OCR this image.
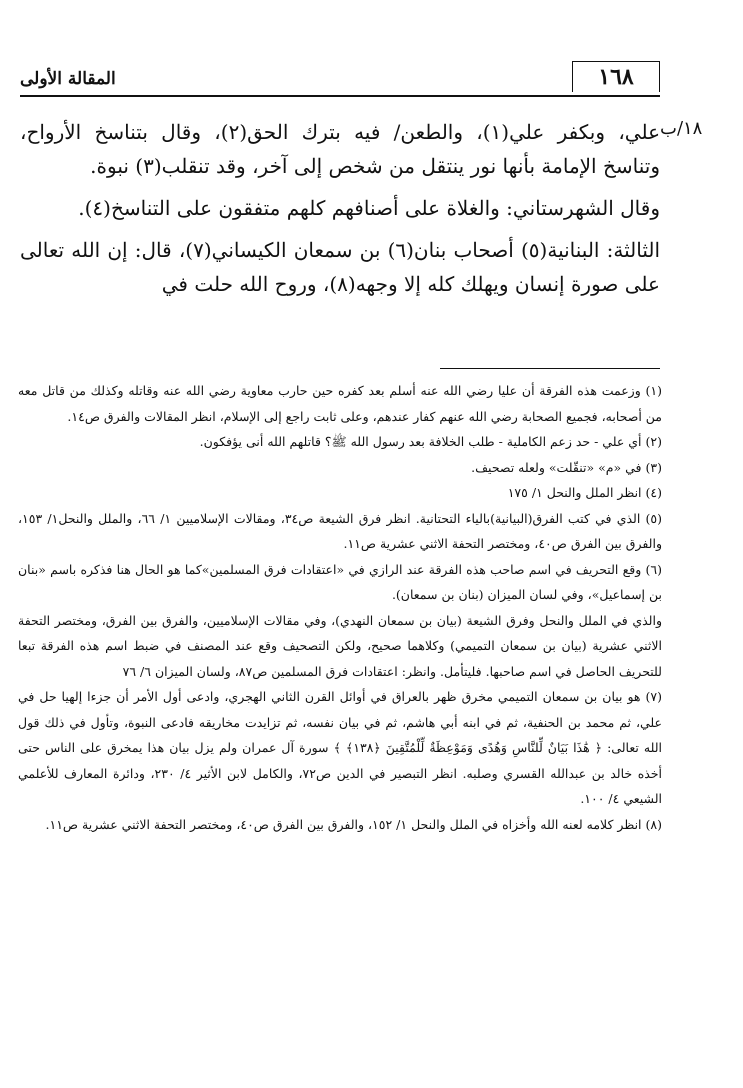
١٦٨
المقالة الأولى
١٨/ب

علي، وبكفر علي(١)، والطعن/ فيه بترك الحق(٢)، وقال بتناسخ الأرواح، وتناسخ الإمامة بأنها نور ينتقل من شخص إلى آخر، وقد تنقلب(٣) نبوة.

وقال الشهرستاني: والغلاة على أصنافهم كلهم متفقون على التناسخ(٤).

الثالثة: البنانية(٥) أصحاب بنان(٦) بن سمعان الكيساني(٧)، قال: إن الله تعالى على صورة إنسان ويهلك كله إلا وجهه(٨)، وروح الله حلت في

(١) وزعمت هذه الفرقة أن عليا رضي الله عنه أسلم بعد كفره حين حارب معاوية رضي الله عنه وقاتله وكذلك من قاتل معه من أصحابه، فجميع الصحابة رضي الله عنهم كفار عندهم، وعلى ثابت راجع إلى الإسلام، انظر المقالات والفرق ص١٤.

(٢) أي علي - حد زعم الكاملية - طلب الخلافة بعد رسول الله ﷺ؟ قاتلهم الله أنى يؤفكون.

(٣) في «م» «تنقّلت» ولعله تصحيف.

(٤) انظر الملل والنحل ١/ ١٧٥

(٥) الذي في كتب الفرق(البيانية)بالياء التحتانية. انظر فرق الشيعة ص٣٤، ومقالات الإسلاميين ١/ ٦٦، والملل والنحل١/ ١٥٣، والفرق بين الفرق ص٤٠، ومختصر التحفة الاثني عشرية ص١١.

(٦) وقع التحريف في اسم صاحب هذه الفرقة عند الرازي في «اعتقادات فرق المسلمين»كما هو الحال هنا فذكره باسم «بنان بن إسماعيل»، وفي لسان الميزان (بنان بن سمعان).

والذي في الملل والنحل وفرق الشيعة (بيان بن سمعان النهدي)، وفي مقالات الإسلاميين، والفرق بين الفرق، ومختصر التحفة الاثني عشرية (بيان بن سمعان التميمي) وكلاهما صحيح، ولكن التصحيف وقع عند المصنف في ضبط اسم هذه الفرقة تبعا للتحريف الحاصل في اسم صاحبها. فليتأمل. وانظر: اعتقادات فرق المسلمين ص٨٧، ولسان الميزان ٦/ ٧٦

(٧) هو بيان بن سمعان التميمي مخرق ظهر بالعراق في أوائل القرن الثاني الهجري، وادعى أول الأمر أن جزءا إلهيا حل في علي، ثم محمد بن الحنفية، ثم في ابنه أبي هاشم، ثم في بيان نفسه، ثم تزايدت مخاريقه فادعى النبوة، وتأول في ذلك قول الله تعالى: ﴿ هَٰذَا بَيَانٌ لِّلنَّاسِ وَهُدًى وَمَوْعِظَةٌ لِّلْمُتَّقِينَ ﴿١٣٨﴾ ﴾ سورة آل عمران ولم يزل بيان هذا يمخرق على الناس حتى أخذه خالد بن عبدالله القسري وصلبه. انظر التبصير في الدين ص٧٢، والكامل لابن الأثير ٤/ ٢٣٠، ودائرة المعارف للأعلمي الشيعي ٤/ ١٠٠.

(٨) انظر كلامه لعنه الله وأخزاه في الملل والنحل ١/ ١٥٢، والفرق بين الفرق ص٤٠، ومختصر التحفة الاثني عشرية ص١١.
